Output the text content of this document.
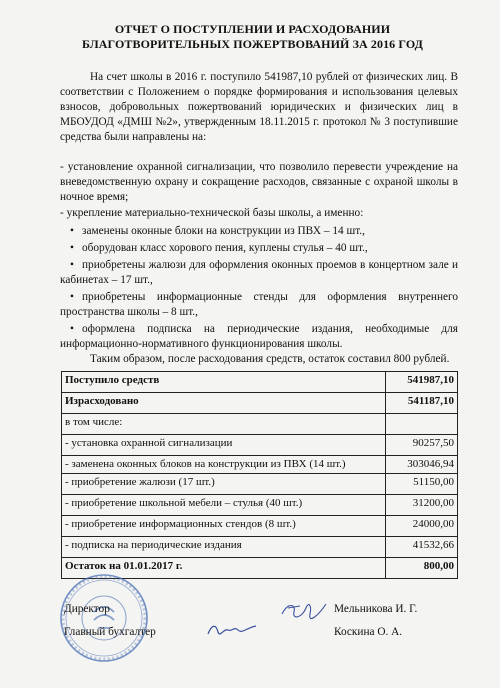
ОТЧЕТ О ПОСТУПЛЕНИИ И РАСХОДОВАНИИ
БЛАГОТВОРИТЕЛЬНЫХ ПОЖЕРТВОВАНИЙ ЗА 2016 ГОД
На счет школы в 2016 г. поступило 541987,10 рублей от физических лиц. В соответствии с Положением о порядке формирования и использования целевых взносов, добровольных пожертвований юридических и физических лиц в МБОУДОД «ДМШ №2», утвержденным 18.11.2015 г. протокол № 3 поступившие средства были направлены на:
- установление охранной сигнализации, что позволило перевести учреждение на вневедомственную охрану и сокращение расходов, связанные с охраной школы в ночное время;
- укрепление материально-технической базы школы, а именно:
• заменены оконные блоки на конструкции из ПВХ – 14 шт.,
• оборудован класс хорового пения, куплены стулья – 40 шт.,
• приобретены жалюзи для оформления оконных проемов в концертном зале и кабинетах – 17 шт.,
• приобретены информационные стенды для оформления внутреннего пространства школы – 8 шт.,
• оформлена подписка на периодические издания, необходимые для информационно-нормативного функционирования школы.
Таким образом, после расходования средств, остаток составил 800 рублей.
Поступило средств	541987,10
Израсходовано	541187,10
в том числе:	
- установка охранной сигнализации	90257,50
- заменена оконных блоков на конструкции из ПВХ (14 шт.)	303046,94
- приобретение жалюзи (17 шт.)	51150,00
- приобретение школьной мебели – стулья (40 шт.)	31200,00
- приобретение информационных стендов (8 шт.)	24000,00
- подписка на периодические издания	41532,66
Остаток на 01.01.2017 г.	800,00
Директор	Мельникова И. Г.
Главный бухгалтер	Коскина О. А.
